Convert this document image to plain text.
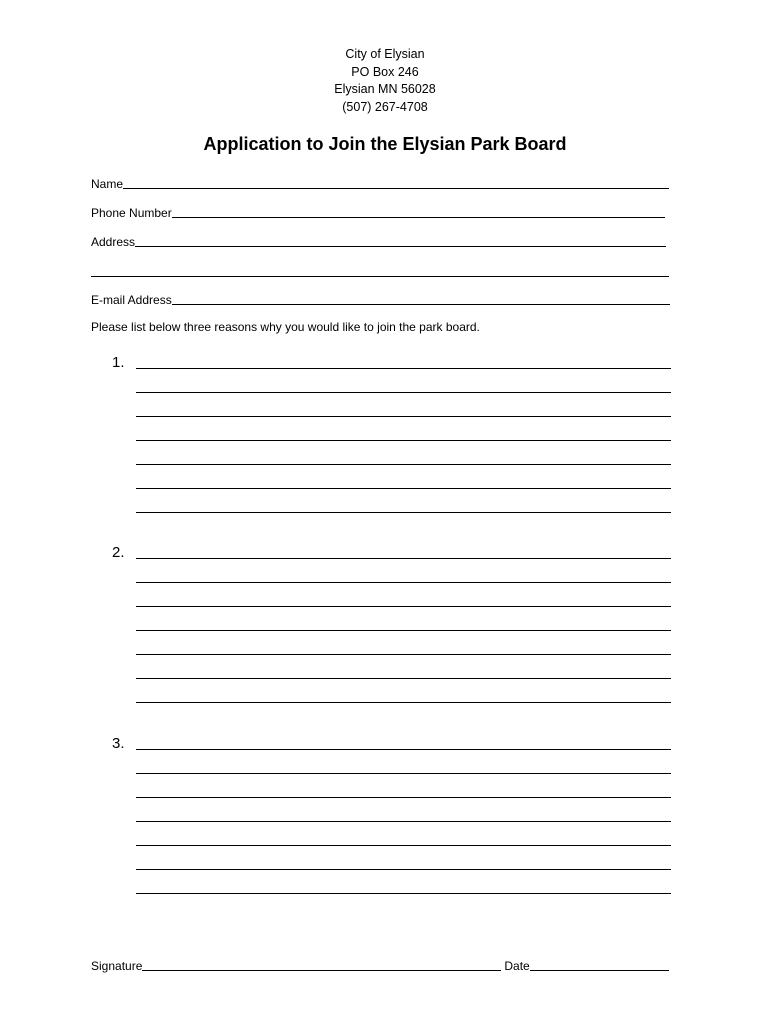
City of Elysian
PO Box 246
Elysian MN 56028
(507) 267-4708
Application to Join the Elysian Park Board
Name
Phone Number
Address
E-mail Address
Please list below three reasons why you would like to join the park board.
1.
2.
3.
Signature	Date
